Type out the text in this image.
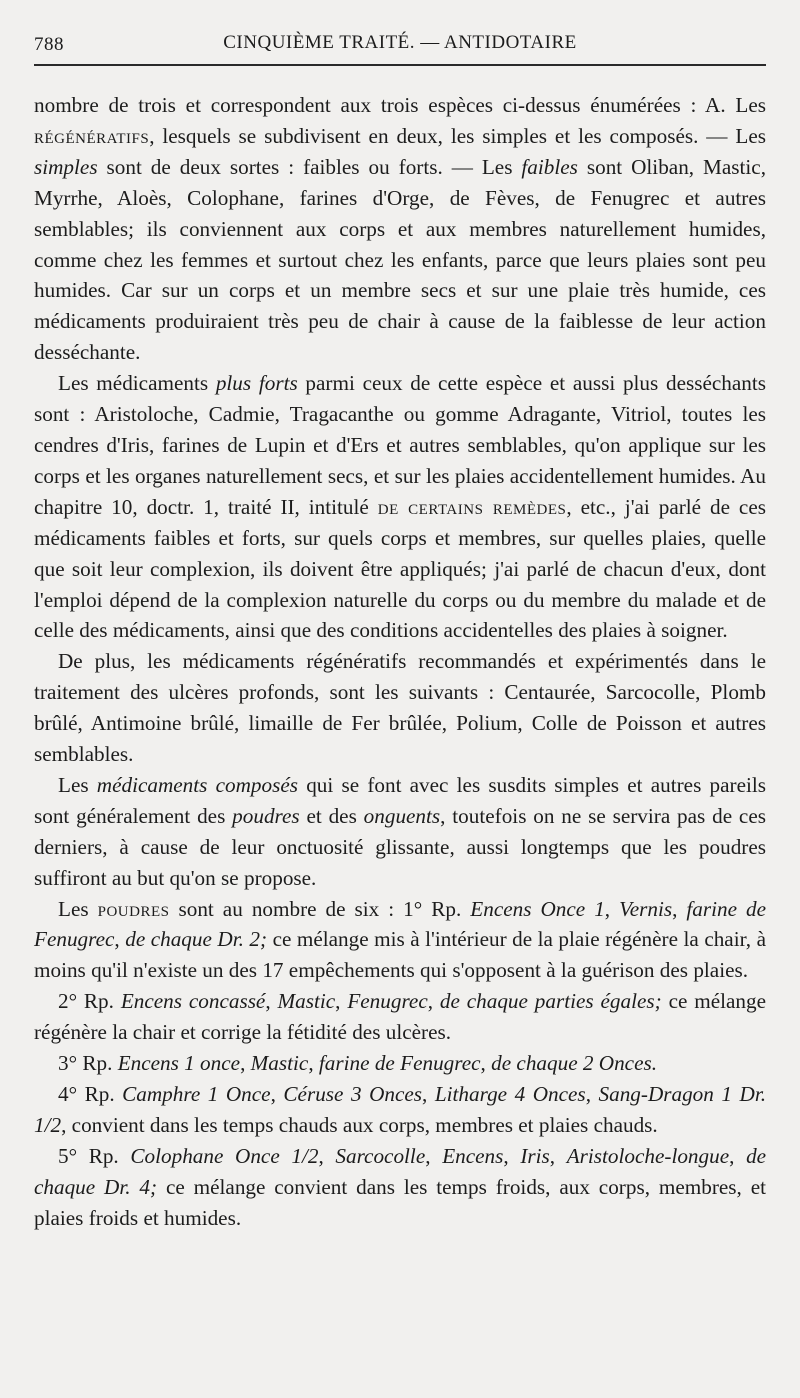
788	CINQUIÈME TRAITÉ. — ANTIDOTAIRE

nombre de trois et correspondent aux trois espèces ci-dessus énumérées : A. Les régénératifs, lesquels se subdivisent en deux, les simples et les composés. — Les simples sont de deux sortes : faibles ou forts. — Les faibles sont Oliban, Mastic, Myrrhe, Aloès, Colophane, farines d'Orge, de Fèves, de Fenugrec et autres semblables; ils conviennent aux corps et aux membres naturellement humides, comme chez les femmes et surtout chez les enfants, parce que leurs plaies sont peu humides. Car sur un corps et un membre secs et sur une plaie très humide, ces médicaments produiraient très peu de chair à cause de la faiblesse de leur action desséchante.

Les médicaments plus forts parmi ceux de cette espèce et aussi plus desséchants sont : Aristoloche, Cadmie, Tragacanthe ou gomme Adragante, Vitriol, toutes les cendres d'Iris, farines de Lupin et d'Ers et autres semblables, qu'on applique sur les corps et les organes naturellement secs, et sur les plaies accidentellement humides. Au chapitre 10, doctr. 1, traité II, intitulé de certains remèdes, etc., j'ai parlé de ces médicaments faibles et forts, sur quels corps et membres, sur quelles plaies, quelle que soit leur complexion, ils doivent être appliqués; j'ai parlé de chacun d'eux, dont l'emploi dépend de la complexion naturelle du corps ou du membre du malade et de celle des médicaments, ainsi que des conditions accidentelles des plaies à soigner.

De plus, les médicaments régénératifs recommandés et expérimentés dans le traitement des ulcères profonds, sont les suivants : Centaurée, Sarcocolle, Plomb brûlé, Antimoine brûlé, limaille de Fer brûlée, Polium, Colle de Poisson et autres semblables.

Les médicaments composés qui se font avec les susdits simples et autres pareils sont généralement des poudres et des onguents, toutefois on ne se servira pas de ces derniers, à cause de leur onctuosité glissante, aussi longtemps que les poudres suffiront au but qu'on se propose.

Les poudres sont au nombre de six : 1° Rp. Encens Once 1, Vernis, farine de Fenugrec, de chaque Dr. 2; ce mélange mis à l'intérieur de la plaie régénère la chair, à moins qu'il n'existe un des 17 empêchements qui s'opposent à la guérison des plaies.

2° Rp. Encens concassé, Mastic, Fenugrec, de chaque parties égales; ce mélange régénère la chair et corrige la fétidité des ulcères.

3° Rp. Encens 1 once, Mastic, farine de Fenugrec, de chaque 2 Onces.

4° Rp. Camphre 1 Once, Céruse 3 Onces, Litharge 4 Onces, Sang-Dragon 1 Dr. 1/2, convient dans les temps chauds aux corps, membres et plaies chauds.

5° Rp. Colophane Once 1/2, Sarcocolle, Encens, Iris, Aristoloche-longue, de chaque Dr. 4; ce mélange convient dans les temps froids, aux corps, membres, et plaies froids et humides.
